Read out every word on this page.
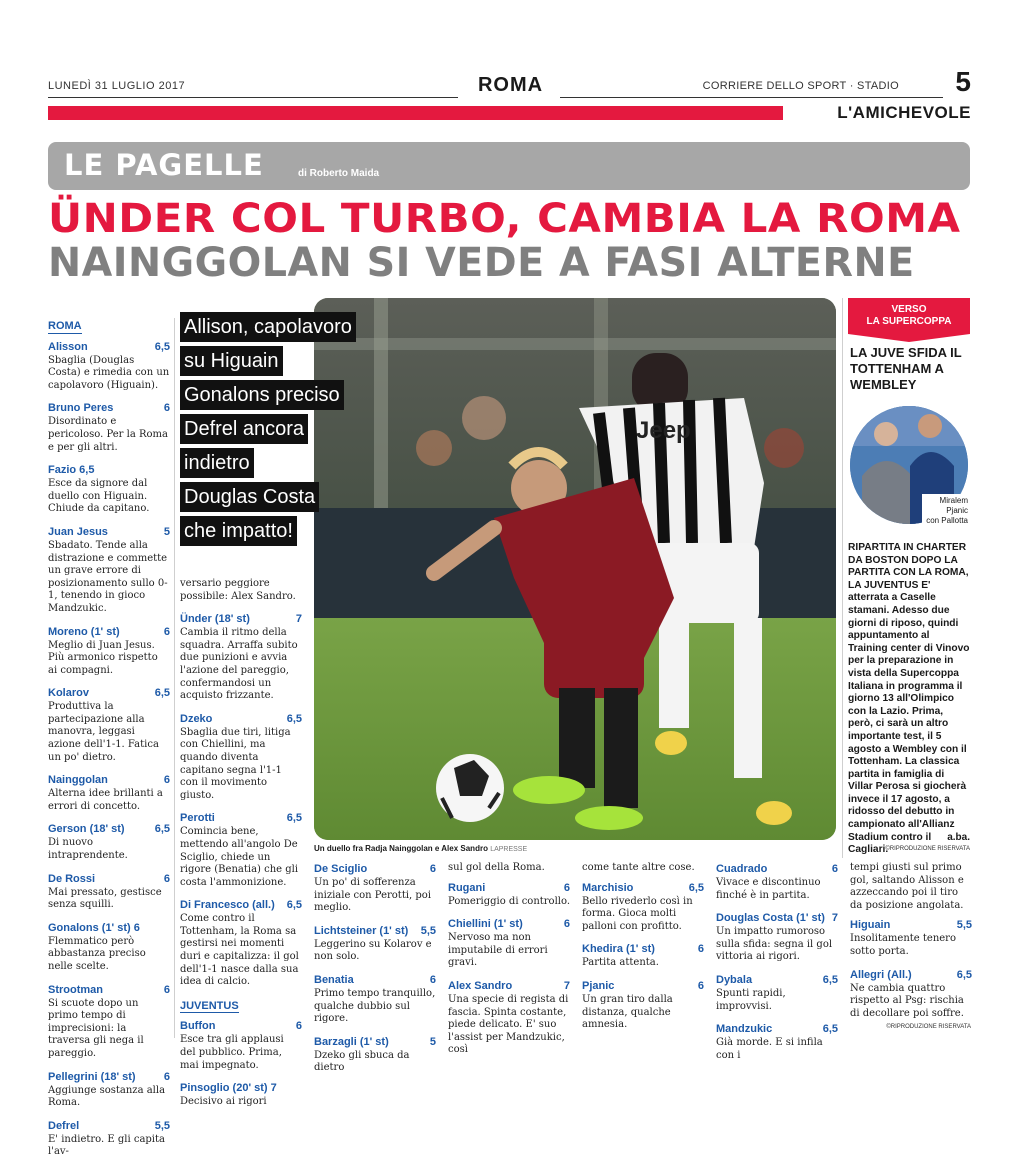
LUNEDÌ 31 LUGLIO 2017	ROMA	CORRIERE DELLO SPORT · STADIO 5
L'AMICHEVOLE
LE PAGELLE	di Roberto Maida
ÜNDER COL TURBO, CAMBIA LA ROMA
NAINGGOLAN SI VEDE A FASI ALTERNE
Jeep
Un duello fra Radja Nainggolan e Alex Sandro LAPRESSE
Allison, capolavoro
su Higuain
Gonalons preciso
Defrel ancora
indietro
Douglas Costa
che impatto!
ROMA
Alisson	6,5
Sbaglia (Douglas Costa) e rimedia con un capolavoro (Higuain).
Bruno Peres	6
Disordinato e pericoloso. Per la Roma e per gli altri.
Fazio 6,5
Esce da signore dal duello con Higuain. Chiude da capitano.
Juan Jesus	5
Sbadato. Tende alla distrazione e commette un grave errore di posizionamento sullo 0-1, tenendo in gioco Mandzukic.
Moreno (1' st)	6
Meglio di Juan Jesus. Più armonico rispetto ai compagni.
Kolarov	6,5
Produttiva la partecipazione alla manovra, leggasi azione dell'1-1. Fatica un po' dietro.
Nainggolan	6
Alterna idee brillanti a errori di concetto.
Gerson (18' st)	6,5
Di nuovo intraprendente.
De Rossi	6
Mai pressato, gestisce senza squilli.
Gonalons (1' st) 6
Flemmatico però abbastanza preciso nelle scelte.
Strootman	6
Si scuote dopo un primo tempo di imprecisioni: la traversa gli nega il pareggio.
Pellegrini (18' st)	6
Aggiunge sostanza alla Roma.
Defrel	5,5
E' indietro. E gli capita l'av-
versario peggiore possibile: Alex Sandro.
Ünder (18' st)	7
Cambia il ritmo della squadra. Arraffa subito due punizioni e avvia l'azione del pareggio, confermandosi un acquisto frizzante.
Dzeko	6,5
Sbaglia due tiri, litiga con Chiellini, ma quando diventa capitano segna l'1-1 con il movimento giusto.
Perotti	6,5
Comincia bene, mettendo all'angolo De Sciglio, chiede un rigore (Benatia) che gli costa l'ammonizione.
Di Francesco (all.) 6,5
Come contro il Tottenham, la Roma sa gestirsi nei momenti duri e capitalizza: il gol dell'1-1 nasce dalla sua idea di calcio.
JUVENTUS
Buffon	6
Esce tra gli applausi del pubblico. Prima, mai impegnato.
Pinsoglio (20' st) 7
Decisivo ai rigori
De Sciglio	6
Un po' di sofferenza iniziale con Perotti, poi meglio.
Lichtsteiner (1' st) 5,5
Leggerino su Kolarov e non solo.
Benatia	6
Primo tempo tranquillo, qualche dubbio sul rigore.
Barzagli (1' st)	5
Dzeko gli sbuca da dietro
sul gol della Roma.
Rugani	6
Pomeriggio di controllo.
Chiellini (1' st)	6
Nervoso ma non imputabile di errori gravi.
Alex Sandro	7
Una specie di regista di fascia. Spinta costante, piede delicato. E' suo l'assist per Mandzukic, così
come tante altre cose.
Marchisio	6,5
Bello rivederlo così in forma. Gioca molti palloni con profitto.
Khedira (1' st)	6
Partita attenta.
Pjanic	6
Un gran tiro dalla distanza, qualche amnesia.
Cuadrado	6
Vivace e discontinuo finché è in partita.
Douglas Costa (1' st) 7
Un impatto rumoroso sulla sfida: segna il gol vittoria ai rigori.
Dybala	6,5
Spunti rapidi, improvvisi.
Mandzukic	6,5
Già morde. E si infila con i
tempi giusti sul primo gol, saltando Alisson e azzeccando poi il tiro da posizione angolata.
Higuain	5,5
Insolitamente tenero sotto porta.
Allegri (All.)	6,5
Ne cambia quattro rispetto al Psg: rischia di decollare poi soffre.
©RIPRODUZIONE RISERVATA
VERSO
LA SUPERCOPPA
LA JUVE SFIDA IL TOTTENHAM A WEMBLEY
Miralem
Pjanic
con Pallotta
RIPARTITA IN CHARTER DA BOSTON DOPO LA PARTITA CON LA ROMA, LA JUVENTUS E' atterrata a Caselle stamani. Adesso due giorni di riposo, quindi appuntamento al Training center di Vinovo per la preparazione in vista della Supercoppa Italiana in programma il giorno 13 all'Olimpico con la Lazio. Prima, però, ci sarà un altro importante test, il 5 agosto a Wembley con il Tottenham. La classica partita in famiglia di Villar Perosa si giocherà invece il 17 agosto, a ridosso del debutto in campionato all'Allianz Stadium contro il Cagliari.
a.ba.
©RIPRODUZIONE RISERVATA
